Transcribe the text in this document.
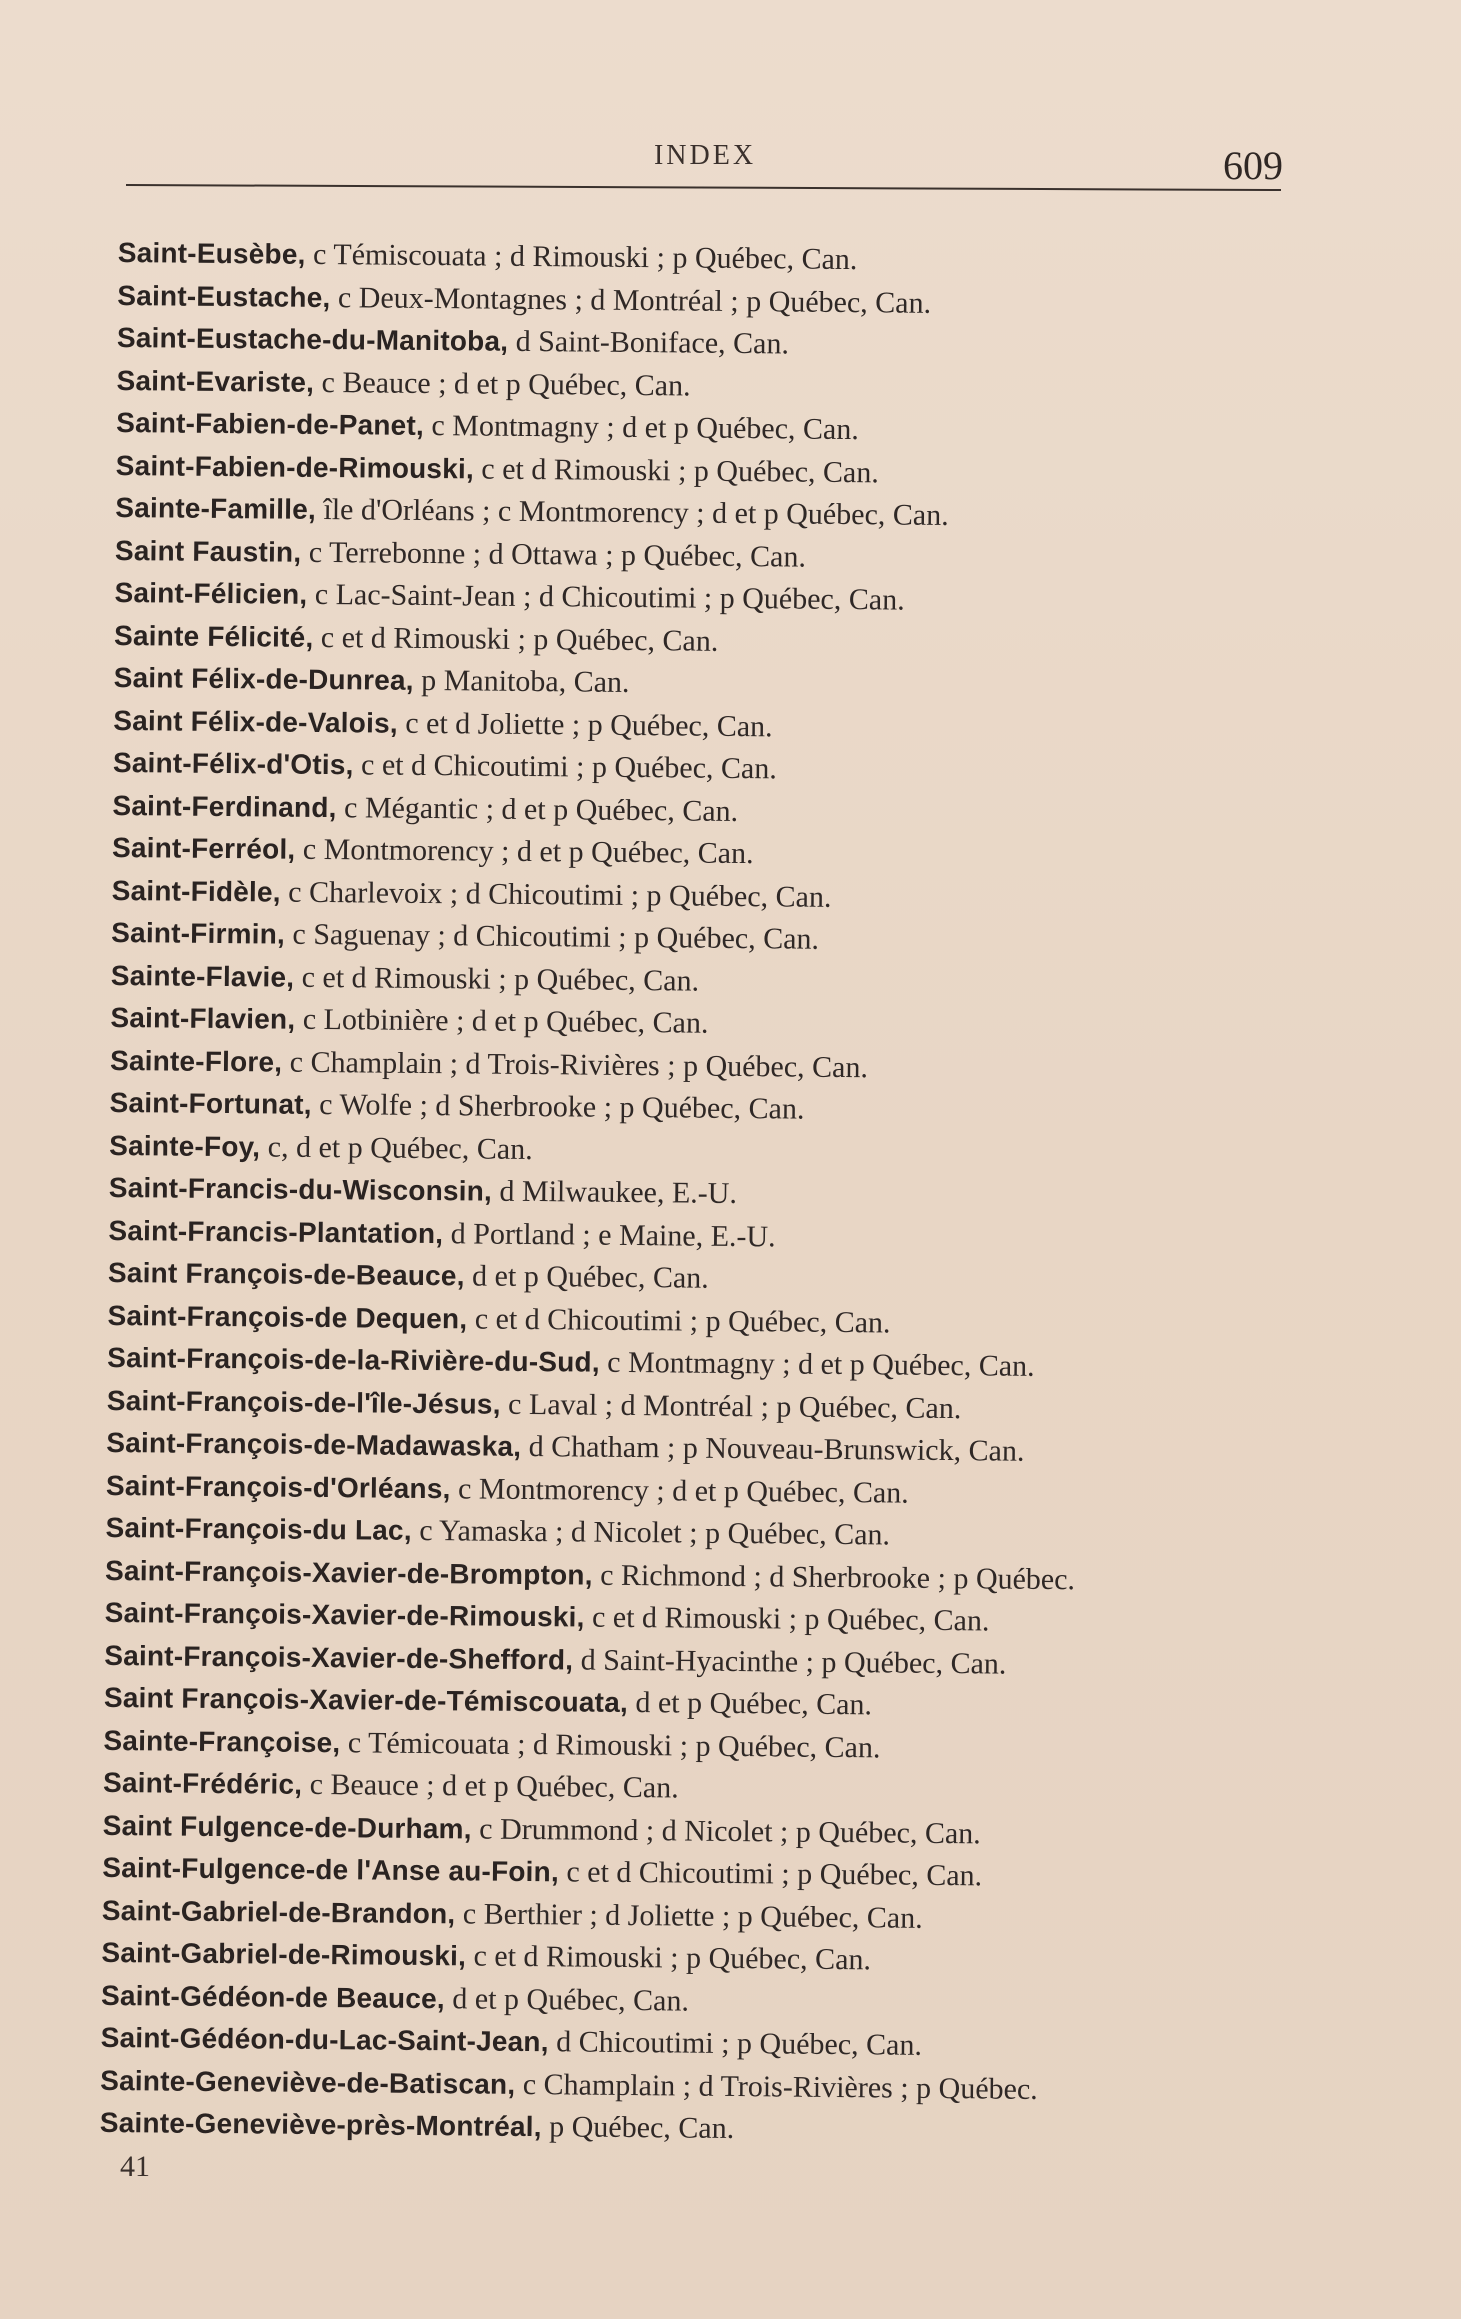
INDEX	609
Saint-Eusèbe, c Témiscouata ; d Rimouski ; p Québec, Can.
Saint-Eustache, c Deux-Montagnes ; d Montréal ; p Québec, Can.
Saint-Eustache-du-Manitoba, d Saint-Boniface, Can.
Saint-Evariste, c Beauce ; d et p Québec, Can.
Saint-Fabien-de-Panet, c Montmagny ; d et p Québec, Can.
Saint-Fabien-de-Rimouski, c et d Rimouski ; p Québec, Can.
Sainte-Famille, île d'Orléans ; c Montmorency ; d et p Québec, Can.
Saint Faustin, c Terrebonne ; d Ottawa ; p Québec, Can.
Saint-Félicien, c Lac-Saint-Jean ; d Chicoutimi ; p Québec, Can.
Sainte Félicité, c et d Rimouski ; p Québec, Can.
Saint Félix-de-Dunrea, p Manitoba, Can.
Saint Félix-de-Valois, c et d Joliette ; p Québec, Can.
Saint-Félix-d'Otis, c et d Chicoutimi ; p Québec, Can.
Saint-Ferdinand, c Mégantic ; d et p Québec, Can.
Saint-Ferréol, c Montmorency ; d et p Québec, Can.
Saint-Fidèle, c Charlevoix ; d Chicoutimi ; p Québec, Can.
Saint-Firmin, c Saguenay ; d Chicoutimi ; p Québec, Can.
Sainte-Flavie, c et d Rimouski ; p Québec, Can.
Saint-Flavien, c Lotbinière ; d et p Québec, Can.
Sainte-Flore, c Champlain ; d Trois-Rivières ; p Québec, Can.
Saint-Fortunat, c Wolfe ; d Sherbrooke ; p Québec, Can.
Sainte-Foy, c, d et p Québec, Can.
Saint-Francis-du-Wisconsin, d Milwaukee, E.-U.
Saint-Francis-Plantation, d Portland ; e Maine, E.-U.
Saint François-de-Beauce, d et p Québec, Can.
Saint-François-de Dequen, c et d Chicoutimi ; p Québec, Can.
Saint-François-de-la-Rivière-du-Sud, c Montmagny ; d et p Québec, Can.
Saint-François-de-l'île-Jésus, c Laval ; d Montréal ; p Québec, Can.
Saint-François-de-Madawaska, d Chatham ; p Nouveau-Brunswick, Can.
Saint-François-d'Orléans, c Montmorency ; d et p Québec, Can.
Saint-François-du Lac, c Yamaska ; d Nicolet ; p Québec, Can.
Saint-François-Xavier-de-Brompton, c Richmond ; d Sherbrooke ; p Québec.
Saint-François-Xavier-de-Rimouski, c et d Rimouski ; p Québec, Can.
Saint-François-Xavier-de-Shefford, d Saint-Hyacinthe ; p Québec, Can.
Saint François-Xavier-de-Témiscouata, d et p Québec, Can.
Sainte-Françoise, c Témicouata ; d Rimouski ; p Québec, Can.
Saint-Frédéric, c Beauce ; d et p Québec, Can.
Saint Fulgence-de-Durham, c Drummond ; d Nicolet ; p Québec, Can.
Saint-Fulgence-de l'Anse au-Foin, c et d Chicoutimi ; p Québec, Can.
Saint-Gabriel-de-Brandon, c Berthier ; d Joliette ; p Québec, Can.
Saint-Gabriel-de-Rimouski, c et d Rimouski ; p Québec, Can.
Saint-Gédéon-de Beauce, d et p Québec, Can.
Saint-Gédéon-du-Lac-Saint-Jean, d Chicoutimi ; p Québec, Can.
Sainte-Geneviève-de-Batiscan, c Champlain ; d Trois-Rivières ; p Québec.
Sainte-Geneviève-près-Montréal, p Québec, Can.
41
